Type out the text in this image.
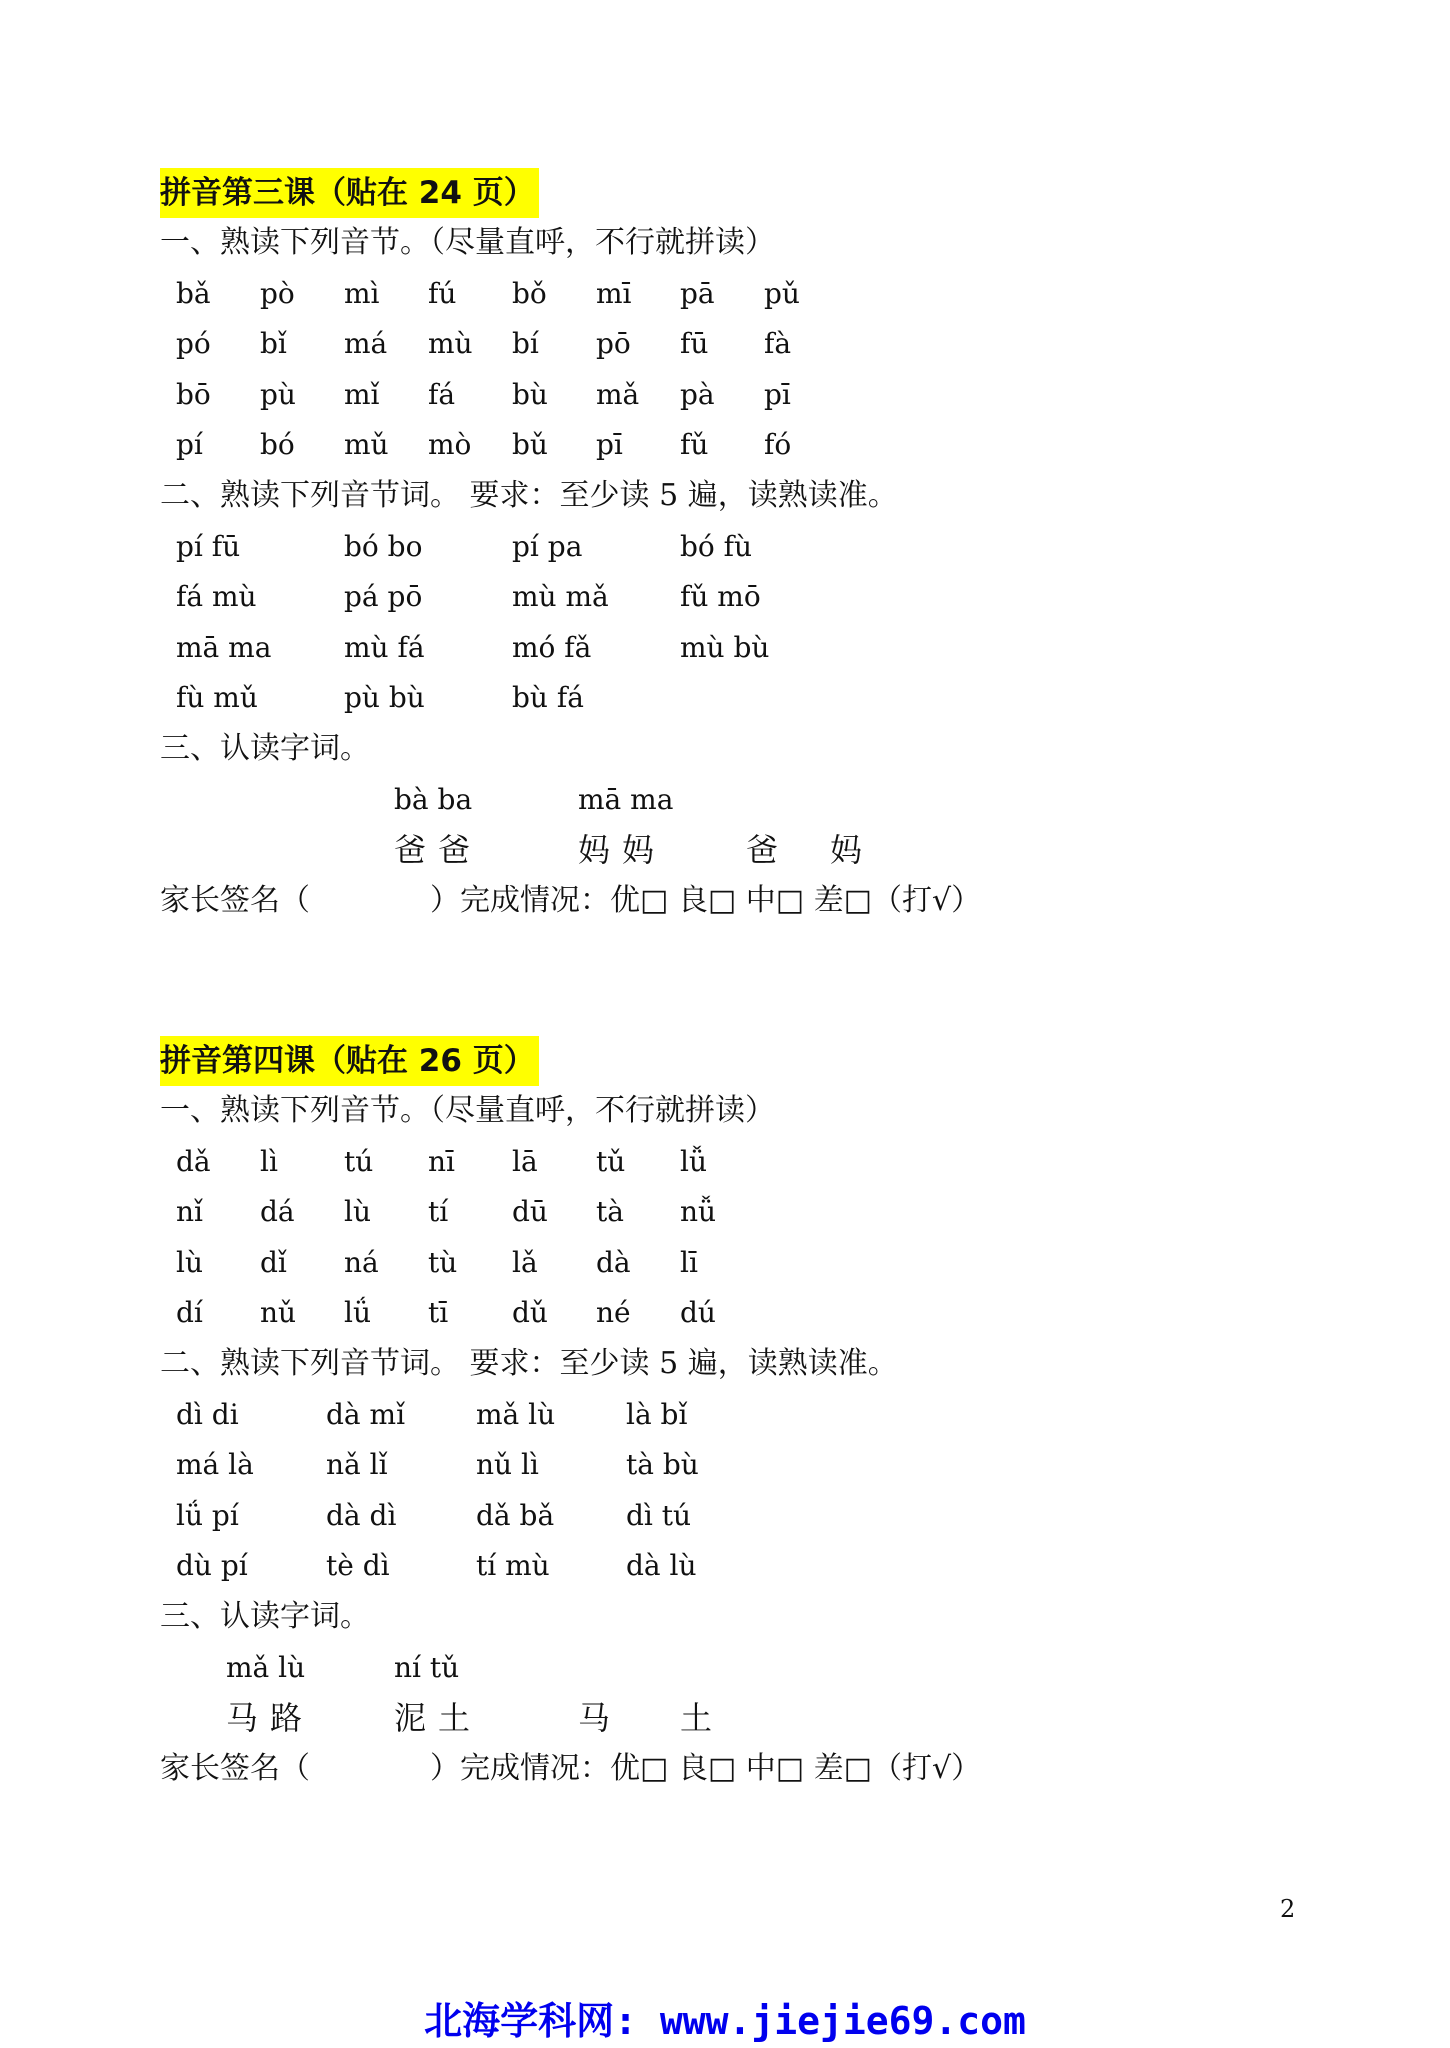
拼音第三课（贴在 24 页）
一、熟读下列音节。（尽量直呼，不行就拼读）
bǎ pò mì fú bǒ mī pā pǔ
pó bǐ má mù bí pō fū fà
bō pù mǐ fá bù mǎ pà pī
pí bó mǔ mò bǔ pī fǔ fó
二、熟读下列音节词。 要求：至少读 5 遍，读熟读准。
pí fū	bó bo	pí pa	bó fù
fá mù	pá pō	mù mǎ	fǔ mō
mā ma	mù fá	mó fǎ	mù bù
fù mǔ	pù bù	bù fá
三、认读字词。
bà ba	mā ma
爸爸	妈妈 爸 妈
家长签名（　　　　）完成情况：优□ 良□ 中□ 差□（打√）
拼音第四课（贴在 26 页）
一、熟读下列音节。（尽量直呼，不行就拼读）
dǎ lì tú nī lā tǔ lǚ
nǐ dá lù tí dū tà nǚ
lù dǐ ná tù lǎ dà lī
dí nǔ lǘ tī dǔ né dú
二、熟读下列音节词。 要求：至少读 5 遍，读熟读准。
dì di	dà mǐ	mǎ lù	là bǐ
má là	nǎ lǐ	nǔ lì	tà bù
lǘ pí	dà dì	dǎ bǎ	dì tú
dù pí	tè dì	tí mù	dà lù
三、认读字词。
mǎ lù	ní tǔ
马路 泥土	马 土
家长签名（　　　　）完成情况：优□ 良□ 中□ 差□（打√）
2
北海学科网: www.jiejie69.com
